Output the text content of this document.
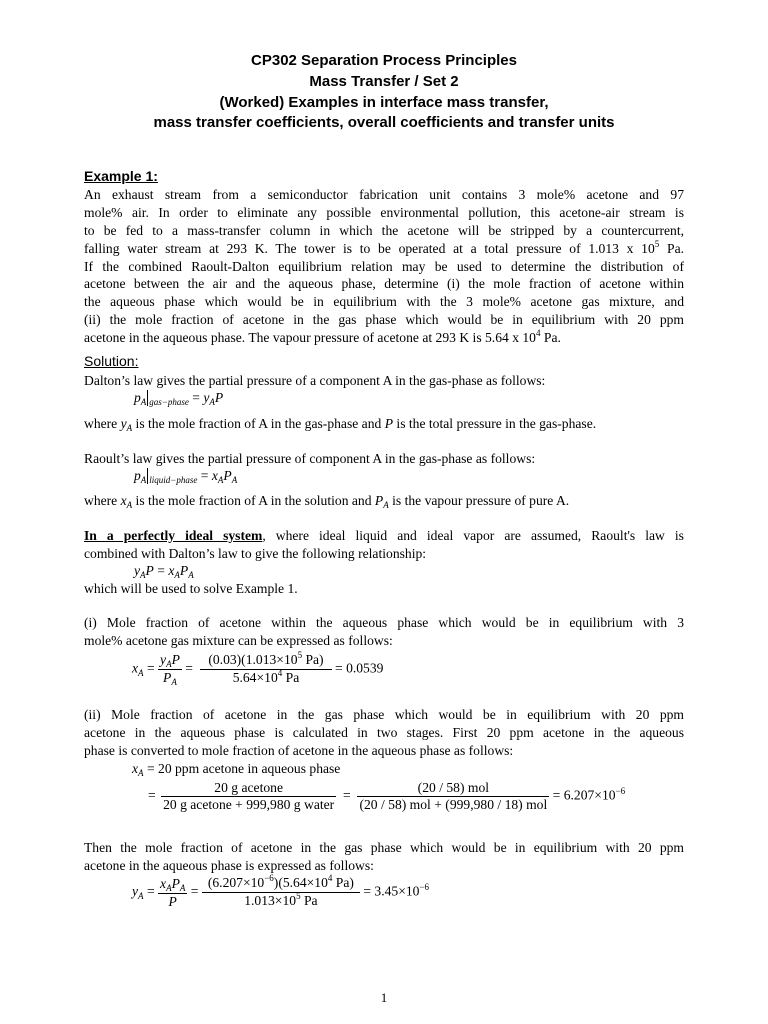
CP302 Separation Process Principles
Mass Transfer / Set 2
(Worked) Examples in interface mass transfer,
mass transfer coefficients, overall coefficients and transfer units
Example 1:
An exhaust stream from a semiconductor fabrication unit contains 3 mole% acetone and 97
mole% air. In order to eliminate any possible environmental pollution, this acetone-air stream is
to be fed to a mass-transfer column in which the acetone will be stripped by a countercurrent,
falling water stream at 293 K. The tower is to be operated at a total pressure of 1.013 x $10^5$ Pa.
If the combined Raoult-Dalton equilibrium relation may be used to determine the distribution of
acetone between the air and the aqueous phase, determine (i) the mole fraction of acetone within
the aqueous phase which would be in equilibrium with the 3 mole% acetone gas mixture, and
(ii) the mole fraction of acetone in the gas phase which would be in equilibrium with 20 ppm
acetone in the aqueous phase. The vapour pressure of acetone at 293 K is 5.64 x $10^4$ Pa.
Solution:
Dalton’s law gives the partial pressure of a component A in the gas-phase as follows:
$p_A$ $_{gas-phase} = y_AP$
where $y_A$ is the mole fraction of A in the gas-phase and P is the total pressure in the gas-phase.
Raoult’s law gives the partial pressure of component A in the gas-phase as follows:
$p_A$ $_{liquid-phase} = x_AP_A$
where $x_A$ is the mole fraction of A in the solution and $P_A$ is the vapour pressure of pure A.
In a perfectly ideal system, where ideal liquid and ideal vapor are assumed, Raoult's law is
combined with Dalton’s law to give the following relationship:
$y_AP = x_AP_A$
which will be used to solve Example 1.
(i) Mole fraction of acetone within the aqueous phase which would be in equilibrium with 3
mole% acetone gas mixture can be expressed as follows:
$x_A = \frac{y_AP}{P_A} = \frac{(0.03)(1.013\times 10^5 Pa)}{5.64\times 10^4 Pa} = 0.0539$
(ii) Mole fraction of acetone in the gas phase which would be in equilibrium with 20 ppm
acetone in the aqueous phase is calculated in two stages. First 20 ppm acetone in the aqueous
phase is converted to mole fraction of acetone in the aqueous phase as follows:
$x_A = 20$ ppm acetone in aqueous phase
= $\frac{\text{20 g acetone}}{\text{20 g acetone + 999,980 g water}} = \frac{\text{(20 / 58) mol}}{\text{(20 / 58) mol + (999,980 / 18) mol}} = 6.207\times 10^{-6}$
Then the mole fraction of acetone in the gas phase which would be in equilibrium with 20 ppm
acetone in the aqueous phase is expressed as follows:
$y_A = \frac{x_AP_A}{P} = \frac{(6.207\times 10^{-6})(5.64\times 10^4 Pa)}{1.013\times 10^5 Pa} = 3.45\times 10^{-6}$
1
